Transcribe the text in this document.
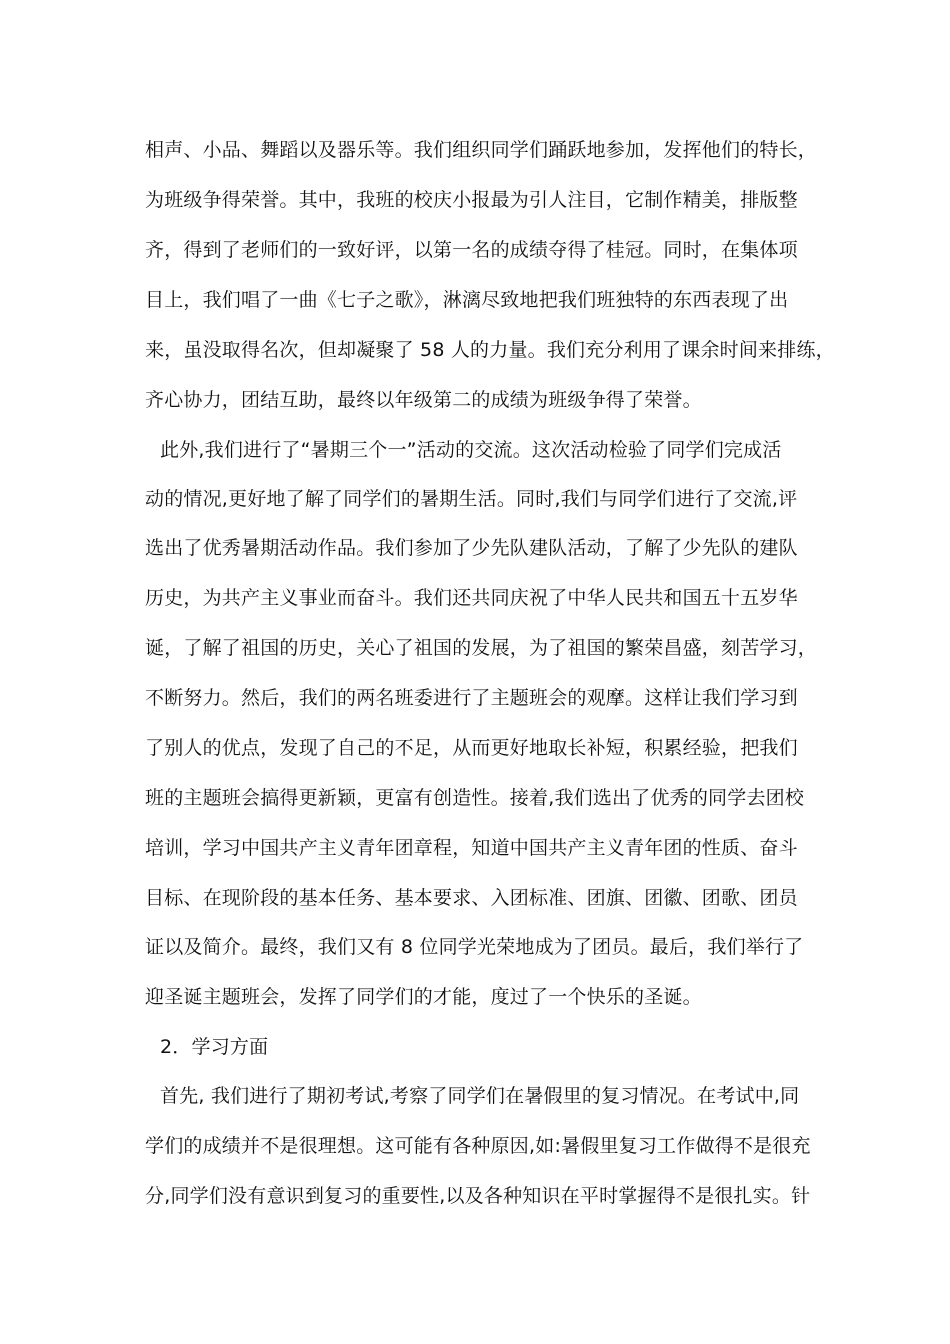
相声、小品、舞蹈以及器乐等。我们组织同学们踊跃地参加，发挥他们的特长，
为班级争得荣誉。其中，我班的校庆小报最为引人注目，它制作精美，排版整
齐，得到了老师们的一致好评，以第一名的成绩夺得了桂冠。同时，在集体项
目上，我们唱了一曲《七子之歌》，淋漓尽致地把我们班独特的东西表现了出
来，虽没取得名次，但却凝聚了 58 人的力量。我们充分利用了课余时间来排练，
齐心协力，团结互助，最终以年级第二的成绩为班级争得了荣誉。
此外,我们进行了“暑期三个一”活动的交流。这次活动检验了同学们完成活
动的情况,更好地了解了同学们的暑期生活。同时,我们与同学们进行了交流,评
选出了优秀暑期活动作品。我们参加了少先队建队活动，了解了少先队的建队
历史，为共产主义事业而奋斗。我们还共同庆祝了中华人民共和国五十五岁华
诞，了解了祖国的历史，关心了祖国的发展，为了祖国的繁荣昌盛，刻苦学习，
不断努力。然后，我们的两名班委进行了主题班会的观摩。这样让我们学习到
了别人的优点，发现了自己的不足，从而更好地取长补短，积累经验，把我们
班的主题班会搞得更新颖，更富有创造性。接着,我们选出了优秀的同学去团校
培训，学习中国共产主义青年团章程，知道中国共产主义青年团的性质、奋斗
目标、在现阶段的基本任务、基本要求、入团标准、团旗、团徽、团歌、团员
证以及简介。最终，我们又有 8 位同学光荣地成为了团员。最后，我们举行了
迎圣诞主题班会，发挥了同学们的才能，度过了一个快乐的圣诞。
2．学习方面
首先, 我们进行了期初考试,考察了同学们在暑假里的复习情况。在考试中,同
学们的成绩并不是很理想。这可能有各种原因,如:暑假里复习工作做得不是很充
分,同学们没有意识到复习的重要性,以及各种知识在平时掌握得不是很扎实。针
